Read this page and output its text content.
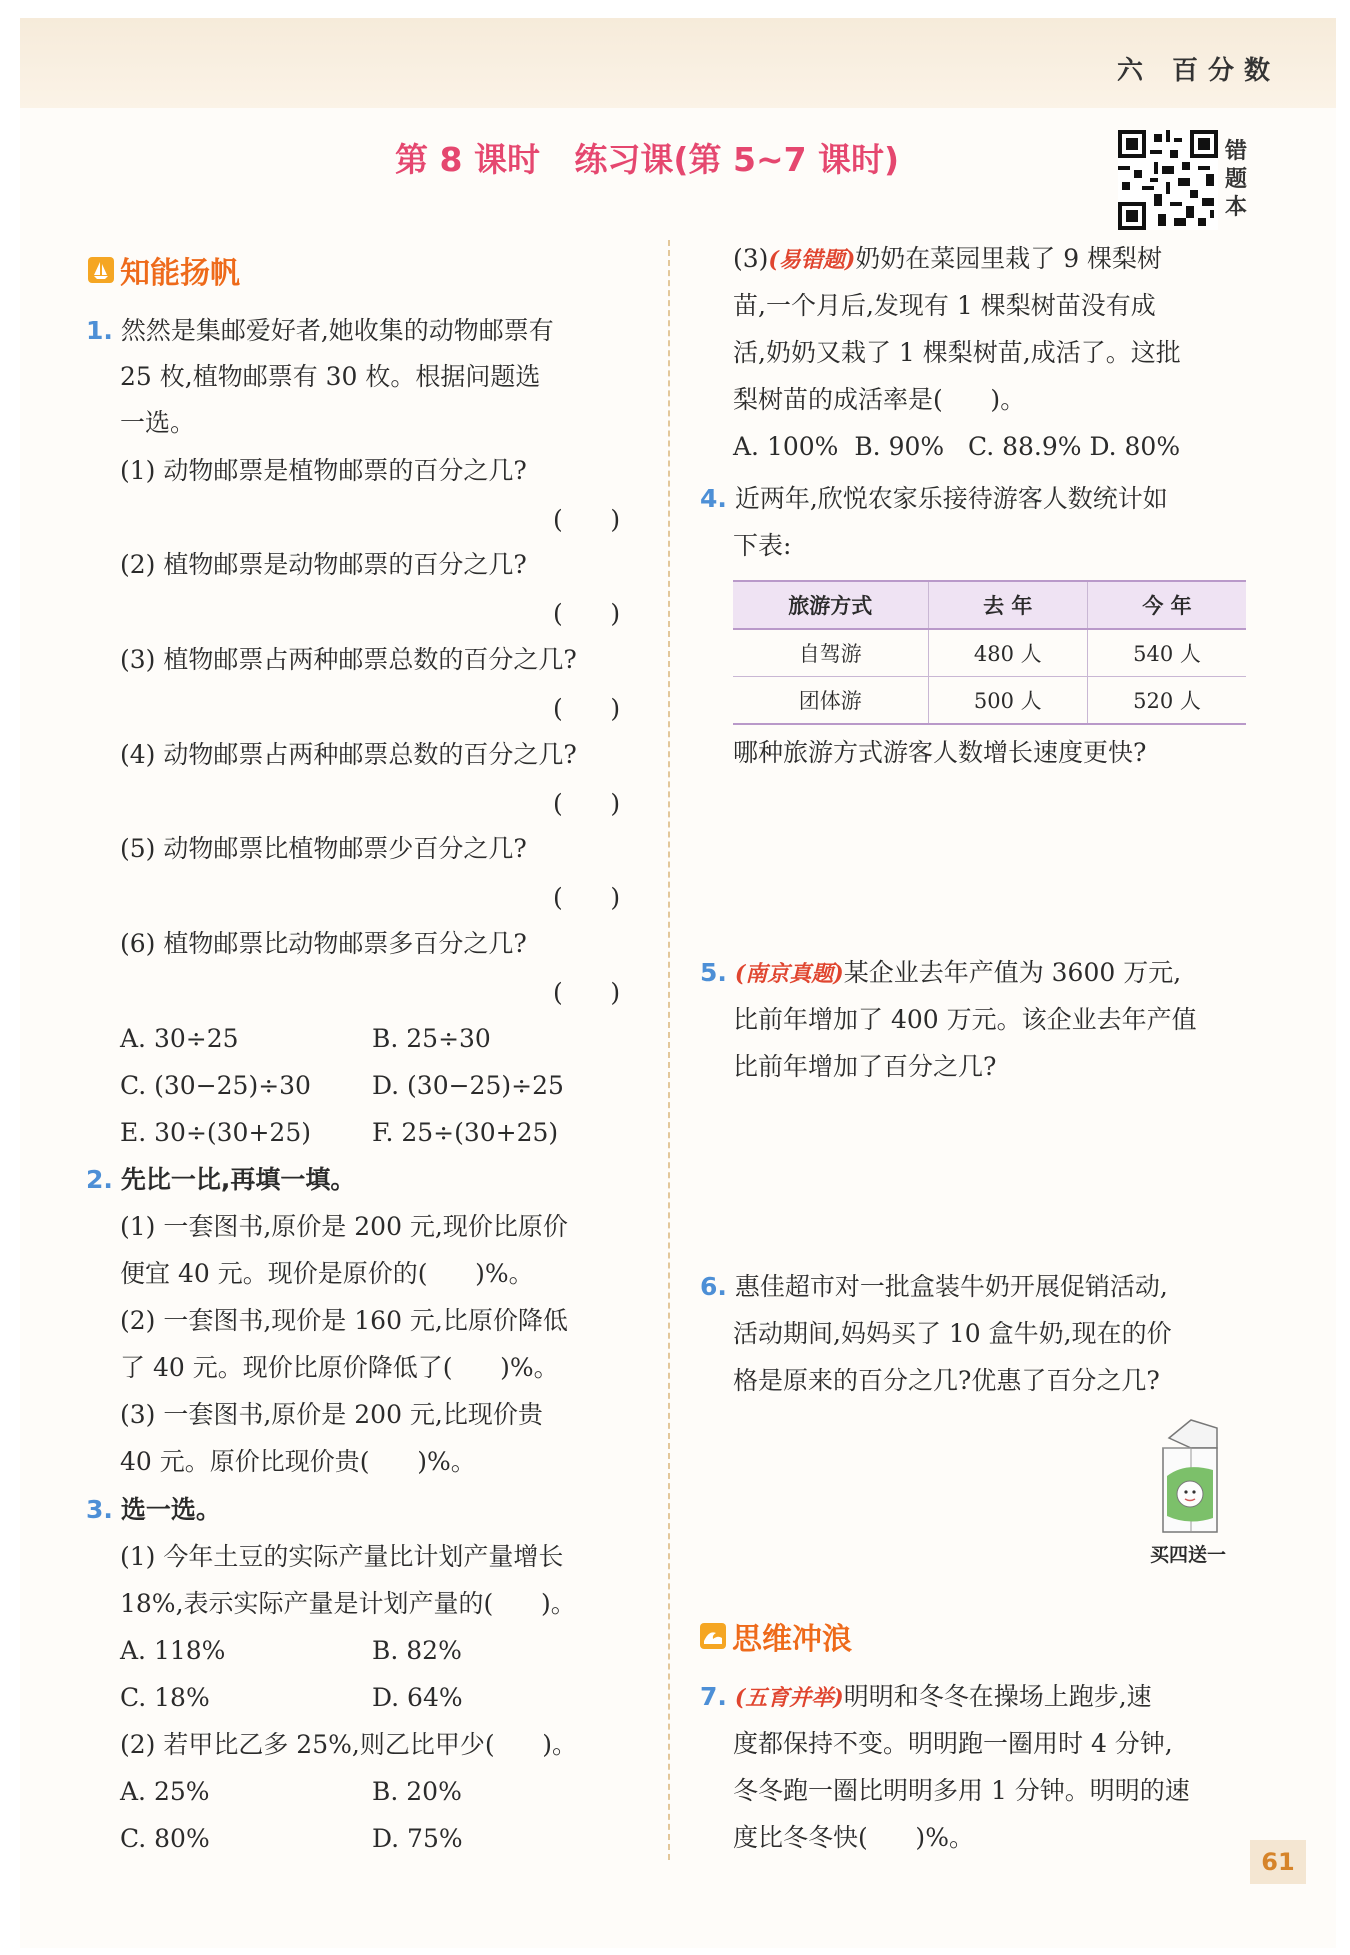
六 百分数
第 8 课时   练习课(第 5~7 课时)	错
题
本
知能扬帆
1. 然然是集邮爱好者,她收集的动物邮票有
25 枚,植物邮票有 30 枚。根据问题选
一选。
(1) 动物邮票是植物邮票的百分之几?
(      )
(2) 植物邮票是动物邮票的百分之几?
(      )
(3) 植物邮票占两种邮票总数的百分之几?
(      )
(4) 动物邮票占两种邮票总数的百分之几?
(      )
(5) 动物邮票比植物邮票少百分之几?
(      )
(6) 植物邮票比动物邮票多百分之几?
(      )
A. 30÷25	B. 25÷30
C. (30−25)÷30 D. (30−25)÷25
E. 30÷(30+25) F. 25÷(30+25)
2. 先比一比,再填一填。
(1) 一套图书,原价是 200 元,现价比原价
便宜 40 元。现价是原价的(      )%。
(2) 一套图书,现价是 160 元,比原价降低
了 40 元。现价比原价降低了(      )%。
(3) 一套图书,原价是 200 元,比现价贵
40 元。原价比现价贵(      )%。
3. 选一选。
(1) 今年土豆的实际产量比计划产量增长
18%,表示实际产量是计划产量的(      )。
A. 118%	B. 82%
C. 18%	D. 64%
(2) 若甲比乙多 25%,则乙比甲少(      )。
A. 25%	B. 20%
C. 80%	D. 75%
(3)(易错题)奶奶在菜园里栽了 9 棵梨树
苗,一个月后,发现有 1 棵梨树苗没有成
活,奶奶又栽了 1 棵梨树苗,成活了。这批
梨树苗的成活率是(      )。
A. 100%  B. 90%   C. 88.9% D. 80%
4. 近两年,欣悦农家乐接待游客人数统计如
下表:
旅游方式	去 年	今 年
自驾游	480 人	540 人
团体游	500 人	520 人
哪种旅游方式游客人数增长速度更快?
5. (南京真题)某企业去年产值为 3600 万元,
比前年增加了 400 万元。该企业去年产值
比前年增加了百分之几?
6. 惠佳超市对一批盒装牛奶开展促销活动,
活动期间,妈妈买了 10 盒牛奶,现在的价
格是原来的百分之几?优惠了百分之几?
买四送一
思维冲浪
7. (五育并举)明明和冬冬在操场上跑步,速
度都保持不变。明明跑一圈用时 4 分钟,
冬冬跑一圈比明明多用 1 分钟。明明的速
度比冬冬快(      )%。
61
